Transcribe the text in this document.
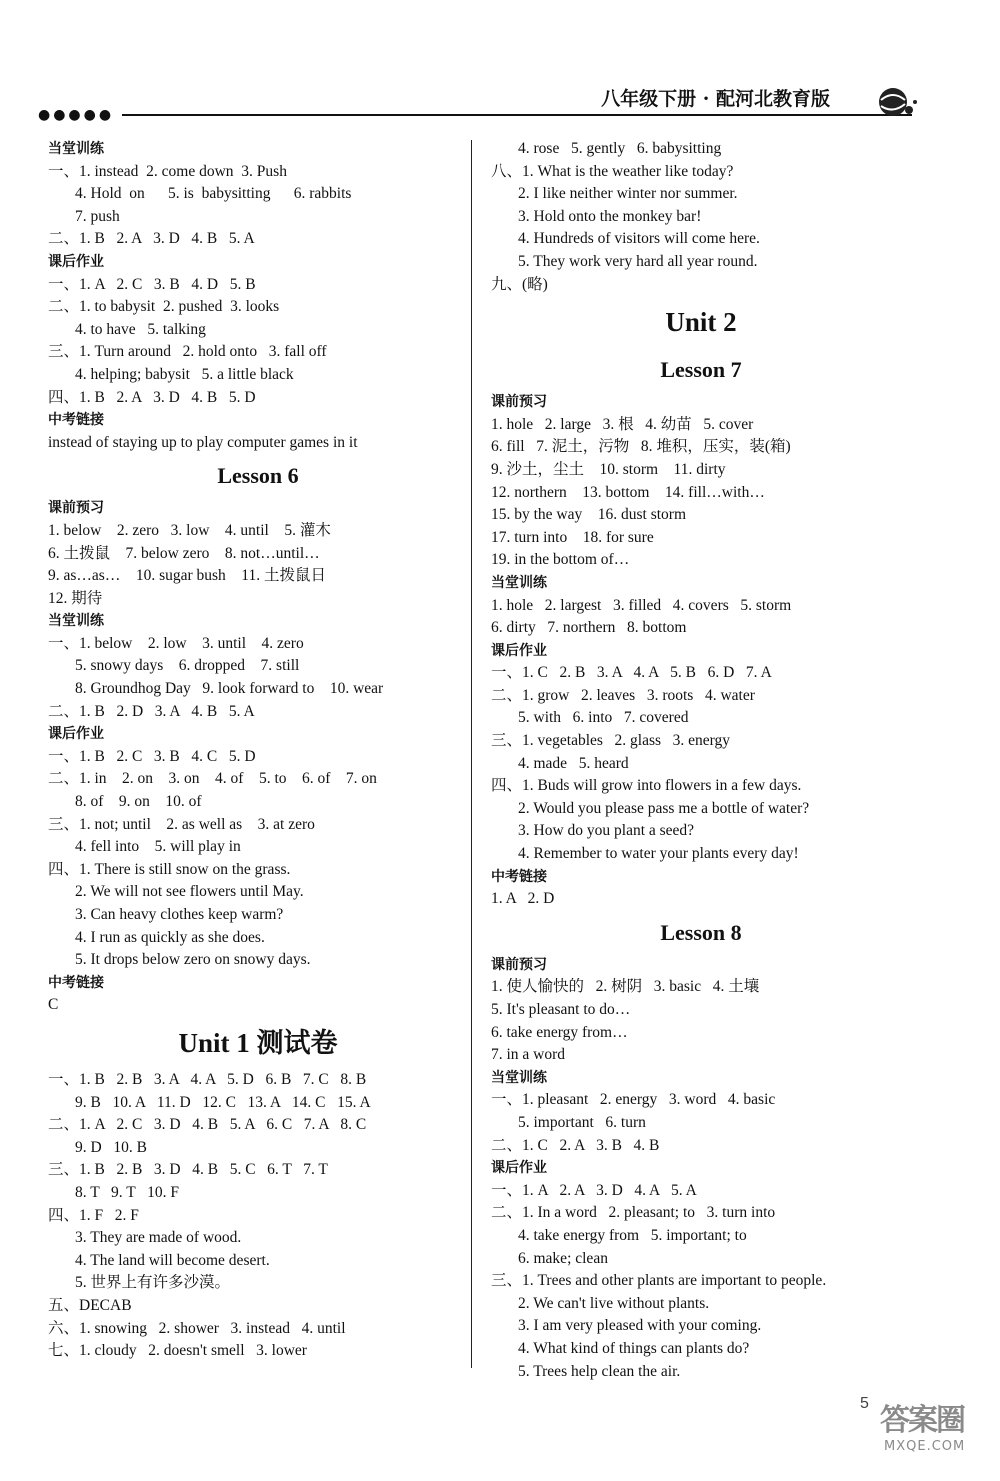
●●●●●
八年级下册 · 配河北教育版
当堂训练
一、1. instead  2. come down  3. Push
4. Hold  on      5. is  babysitting      6. rabbits
7. push
二、1. B   2. A   3. D   4. B   5. A
课后作业
一、1. A   2. C   3. B   4. D   5. B
二、1. to babysit  2. pushed  3. looks
4. to have   5. talking
三、1. Turn around   2. hold onto   3. fall off
4. helping; babysit   5. a little black
四、1. B   2. A   3. D   4. B   5. D
中考链接
instead of staying up to play computer games in it
Lesson 6
课前预习
1. below    2. zero   3. low    4. until    5. 灌木
6. 土拨鼠    7. below zero    8. not…until…
9. as…as…    10. sugar bush    11. 土拨鼠日
12. 期待
当堂训练
一、1. below    2. low    3. until    4. zero
5. snowy days    6. dropped    7. still
8. Groundhog Day   9. look forward to    10. wear
二、1. B   2. D   3. A   4. B   5. A
课后作业
一、1. B   2. C   3. B   4. C   5. D
二、1. in    2. on    3. on    4. of    5. to    6. of    7. on
8. of    9. on    10. of
三、1. not; until    2. as well as    3. at zero
4. fell into    5. will play in
四、1. There is still snow on the grass.
2. We will not see flowers until May.
3. Can heavy clothes keep warm?
4. I run as quickly as she does.
5. It drops below zero on snowy days.
中考链接
C
Unit 1 测试卷
一、1. B   2. B   3. A   4. A   5. D   6. B   7. C   8. B
9. B   10. A   11. D   12. C   13. A   14. C   15. A
二、1. A   2. C   3. D   4. B   5. A   6. C   7. A   8. C
9. D   10. B
三、1. B   2. B   3. D   4. B   5. C   6. T   7. T
8. T   9. T   10. F
四、1. F   2. F
3. They are made of wood.
4. The land will become desert.
5. 世界上有许多沙漠。
五、DECAB
六、1. snowing   2. shower   3. instead   4. until
七、1. cloudy   2. doesn't smell   3. lower
4. rose   5. gently   6. babysitting
八、1. What is the weather like today?
2. I like neither winter nor summer.
3. Hold onto the monkey bar!
4. Hundreds of visitors will come here.
5. They work very hard all year round.
九、(略)
Unit 2
Lesson 7
课前预习
1. hole   2. large   3. 根   4. 幼苗   5. cover
6. fill   7. 泥土，污物   8. 堆积，压实，装(箱)
9. 沙土，尘土    10. storm    11. dirty
12. northern    13. bottom    14. fill…with…
15. by the way    16. dust storm
17. turn into    18. for sure
19. in the bottom of…
当堂训练
1. hole   2. largest   3. filled   4. covers   5. storm
6. dirty   7. northern   8. bottom
课后作业
一、1. C   2. B   3. A   4. A   5. B   6. D   7. A
二、1. grow   2. leaves   3. roots   4. water
5. with   6. into   7. covered
三、1. vegetables   2. glass   3. energy
4. made   5. heard
四、1. Buds will grow into flowers in a few days.
2. Would you please pass me a bottle of water?
3. How do you plant a seed?
4. Remember to water your plants every day!
中考链接
1. A   2. D
Lesson 8
课前预习
1. 使人愉快的   2. 树阴   3. basic   4. 土壤
5. It's pleasant to do…
6. take energy from…
7. in a word
当堂训练
一、1. pleasant   2. energy   3. word   4. basic
5. important   6. turn
二、1. C   2. A   3. B   4. B
课后作业
一、1. A   2. A   3. D   4. A   5. A
二、1. In a word   2. pleasant; to   3. turn into
4. take energy from   5. important; to
6. make; clean
三、1. Trees and other plants are important to people.
2. We can't live without plants.
3. I am very pleased with your coming.
4. What kind of things can plants do?
5. Trees help clean the air.
5 答案圈
MXQE.COM
